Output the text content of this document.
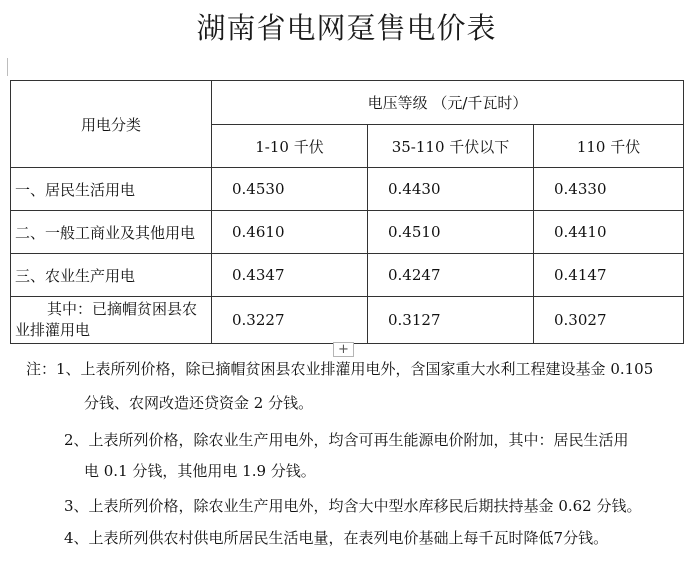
湖南省电网趸售电价表
用电分类	电压等级 （元/千瓦时）		
	1-10 千伏	35-110 千伏以下	110 千伏
一、居民生活用电	0.4530	0.4430	0.4330
二、一般工商业及其他用电	0.4610	0.4510	0.4410
三、农业生产用电	0.4347	0.4247	0.4147

其中：已摘帽贫困县农
业排灌用电	0.3227	0.3127	0.3027
+
注：1、上表所列价格，除已摘帽贫困县农业排灌用电外，含国家重大水利工程建设基金 0.105
分钱、农网改造还贷资金 2 分钱。
2、上表所列价格，除农业生产用电外，均含可再生能源电价附加，其中：居民生活用
电 0.1 分钱，其他用电 1.9 分钱。
3、上表所列价格，除农业生产用电外，均含大中型水库移民后期扶持基金 0.62 分钱。
4、上表所列供农村供电所居民生活电量，在表列电价基础上每千瓦时降低7分钱。
